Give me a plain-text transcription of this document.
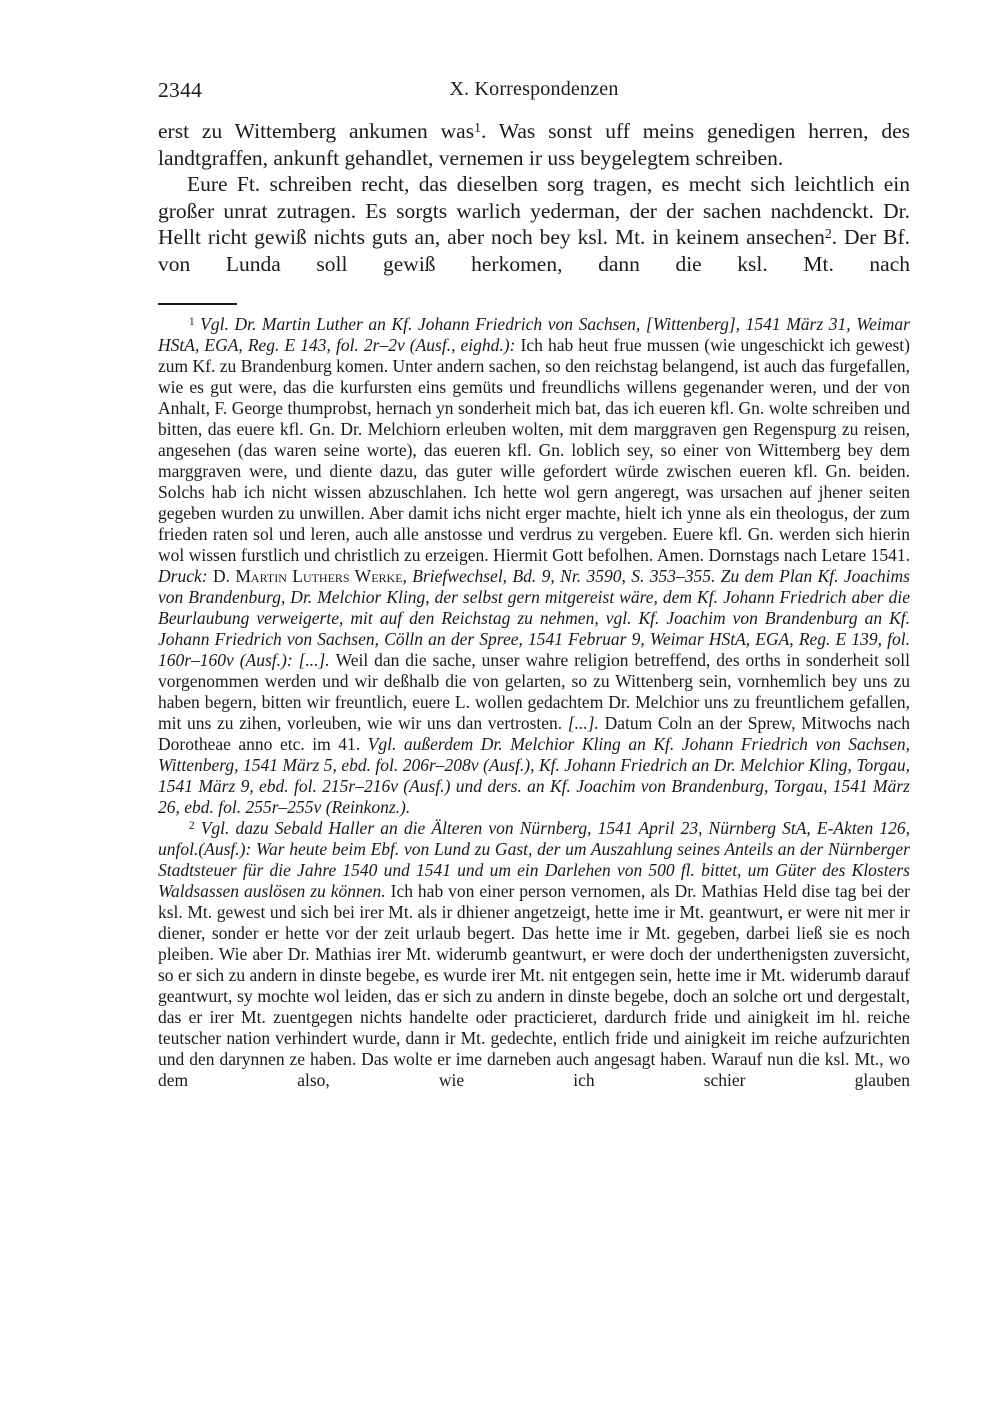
2344	X. Korrespondenzen

erst zu Wittemberg ankumen was$^1$. Was sonst uff meins genedigen herren, des landtgraffen, ankunft gehandlet, vernemen ir uss beygelegtem schreiben.

Eure Ft. schreiben recht, das dieselben sorg tragen, es mecht sich leichtlich ein großer unrat zutragen. Es sorgts warlich yederman, der der sachen nachdenckt. Dr. Hellt richt gewiß nichts guts an, aber noch bey ksl. Mt. in keinem ansechen$^2$. Der Bf. von Lunda soll gewiß herkomen, dann die ksl. Mt. nach

$^1$ Vgl. Dr. Martin Luther an Kf. Johann Friedrich von Sachsen, [Wittenberg], 1541 März 31, Weimar HStA, EGA, Reg. E 143, fol. 2r–2v (Ausf., eighd.): Ich hab heut frue mussen (wie ungeschickt ich gewest) zum Kf. zu Brandenburg komen. Unter andern sachen, so den reichstag belangend, ist auch das furgefallen, wie es gut were, das die kurfursten eins gemüts und freundlichs willens gegenander weren, und der von Anhalt, F. George thumprobst, hernach yn sonderheit mich bat, das ich eueren kfl. Gn. wolte schreiben und bitten, das euere kfl. Gn. Dr. Melchiorn erleuben wolten, mit dem marggraven gen Regenspurg zu reisen, angesehen (das waren seine worte), das eueren kfl. Gn. loblich sey, so einer von Wittemberg bey dem marggraven were, und diente dazu, das guter wille gefordert würde zwischen eueren kfl. Gn. beiden. Solchs hab ich nicht wissen abzuschlahen. Ich hette wol gern angeregt, was ursachen auf jhener seiten gegeben wurden zu unwillen. Aber damit ichs nicht erger machte, hielt ich ynne als ein theologus, der zum frieden raten sol und leren, auch alle anstosse und verdrus zu vergeben. Euere kfl. Gn. werden sich hierin wol wissen furstlich und christlich zu erzeigen. Hiermit Gott befolhen. Amen. Dornstags nach Letare 1541. Druck: D. Martin Luthers Werke, Briefwechsel, Bd. 9, Nr. 3590, S. 353–355. Zu dem Plan Kf. Joachims von Brandenburg, Dr. Melchior Kling, der selbst gern mitgereist wäre, dem Kf. Johann Friedrich aber die Beurlaubung verweigerte, mit auf den Reichstag zu nehmen, vgl. Kf. Joachim von Brandenburg an Kf. Johann Friedrich von Sachsen, Cölln an der Spree, 1541 Februar 9, Weimar HStA, EGA, Reg. E 139, fol. 160r–160v (Ausf.): [...]. Weil dan die sache, unser wahre religion betreffend, des orths in sonderheit soll vorgenommen werden und wir deßhalb die von gelarten, so zu Wittenberg sein, vornhemlich bey uns zu haben begern, bitten wir freuntlich, euere L. wollen gedachtem Dr. Melchior uns zu freuntlichem gefallen, mit uns zu zihen, vorleuben, wie wir uns dan vertrosten. [...]. Datum Coln an der Sprew, Mitwochs nach Dorotheae anno etc. im 41. Vgl. außerdem Dr. Melchior Kling an Kf. Johann Friedrich von Sachsen, Wittenberg, 1541 März 5, ebd. fol. 206r–208v (Ausf.), Kf. Johann Friedrich an Dr. Melchior Kling, Torgau, 1541 März 9, ebd. fol. 215r–216v (Ausf.) und ders. an Kf. Joachim von Brandenburg, Torgau, 1541 März 26, ebd. fol. 255r–255v (Reinkonz.).

$^2$ Vgl. dazu Sebald Haller an die Älteren von Nürnberg, 1541 April 23, Nürnberg StA, E-Akten 126, unfol.(Ausf.): War heute beim Ebf. von Lund zu Gast, der um Auszahlung seines Anteils an der Nürnberger Stadtsteuer für die Jahre 1540 und 1541 und um ein Darlehen von 500 fl. bittet, um Güter des Klosters Waldsassen auslösen zu können. Ich hab von einer person vernomen, als Dr. Mathias Held dise tag bei der ksl. Mt. gewest und sich bei irer Mt. als ir dhiener angetzeigt, hette ime ir Mt. geantwurt, er were nit mer ir diener, sonder er hette vor der zeit urlaub begert. Das hette ime ir Mt. gegeben, darbei ließ sie es noch pleiben. Wie aber Dr. Mathias irer Mt. widerumb geantwurt, er were doch der underthenigsten zuversicht, so er sich zu andern in dinste begebe, es wurde irer Mt. nit entgegen sein, hette ime ir Mt. widerumb darauf geantwurt, sy mochte wol leiden, das er sich zu andern in dinste begebe, doch an solche ort und dergestalt, das er irer Mt. zuentgegen nichts handelte oder practicieret, dardurch fride und ainigkeit im hl. reiche teutscher nation verhindert wurde, dann ir Mt. gedechte, entlich fride und ainigkeit im reiche aufzurichten und den darynnen ze haben. Das wolte er ime darneben auch angesagt haben. Warauf nun die ksl. Mt., wo dem also, wie ich schier glauben
